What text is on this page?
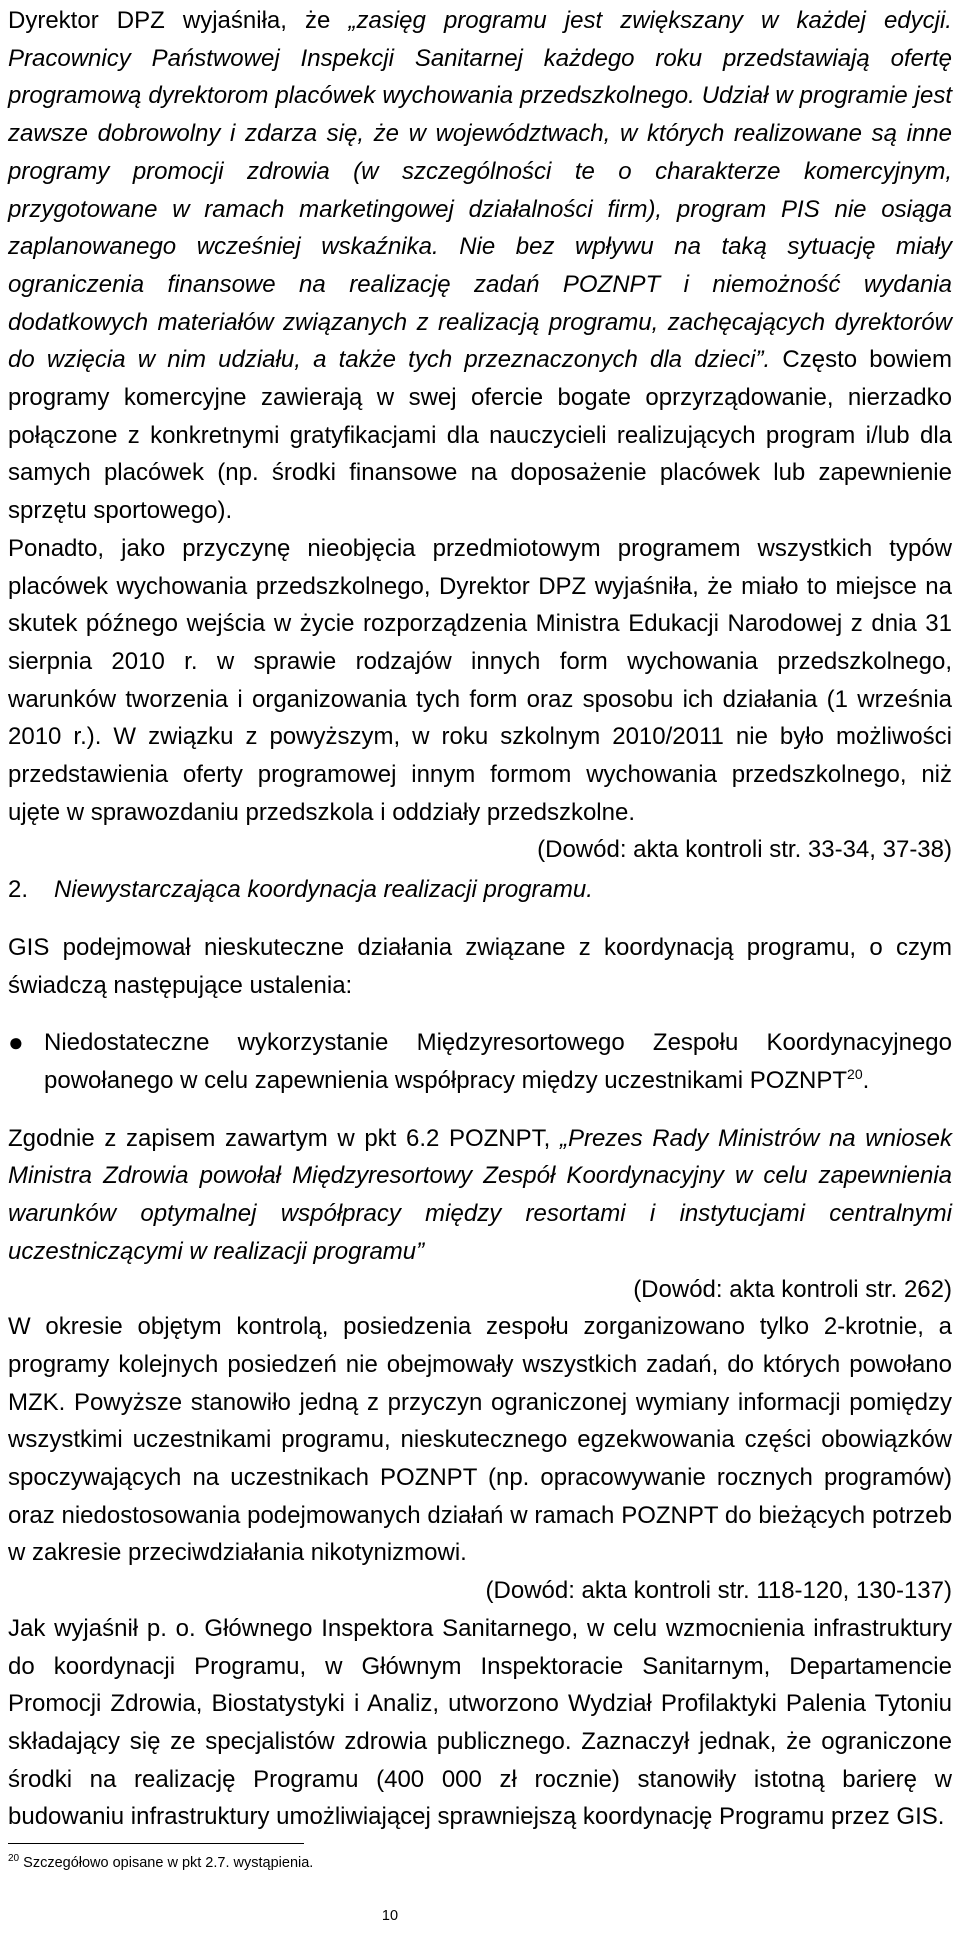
Dyrektor DPZ wyjaśniła, że „zasięg programu jest zwiększany w każdej edycji. Pracownicy Państwowej Inspekcji Sanitarnej każdego roku przedstawiają ofertę programową dyrektorom placówek wychowania przedszkolnego. Udział w programie jest zawsze dobrowolny i zdarza się, że w województwach, w których realizowane są inne programy promocji zdrowia (w szczególności te o charakterze komercyjnym, przygotowane w ramach marketingowej działalności firm), program PIS nie osiąga zaplanowanego wcześniej wskaźnika. Nie bez wpływu na taką sytuację miały ograniczenia finansowe na realizację zadań POZNPT i niemożność wydania dodatkowych materiałów związanych z realizacją programu, zachęcających dyrektorów do wzięcia w nim udziału, a także tych przeznaczonych dla dzieci”. Często bowiem programy komercyjne zawierają w swej ofercie bogate oprzyrządowanie, nierzadko połączone z konkretnymi gratyfikacjami dla nauczycieli realizujących program i/lub dla samych placówek (np. środki finansowe na doposażenie placówek lub zapewnienie sprzętu sportowego).

Ponadto, jako przyczynę nieobjęcia przedmiotowym programem wszystkich typów placówek wychowania przedszkolnego, Dyrektor DPZ wyjaśniła, że miało to miejsce na skutek późnego wejścia w życie rozporządzenia Ministra Edukacji Narodowej z dnia 31 sierpnia 2010 r. w sprawie rodzajów innych form wychowania przedszkolnego, warunków tworzenia i organizowania tych form oraz sposobu ich działania (1 września 2010 r.). W związku z powyższym, w roku szkolnym 2010/2011 nie było możliwości przedstawienia oferty programowej innym formom wychowania przedszkolnego, niż ujęte w sprawozdaniu przedszkola i oddziały przedszkolne.

(Dowód: akta kontroli str. 33-34, 37-38)

2. Niewystarczająca koordynacja realizacji programu.

GIS podejmował nieskuteczne działania związane z koordynacją programu, o czym świadczą następujące ustalenia:

● Niedostateczne wykorzystanie Międzyresortowego Zespołu Koordynacyjnego powołanego w celu zapewnienia współpracy między uczestnikami POZNPT$^{20}$.

Zgodnie z zapisem zawartym w pkt 6.2 POZNPT, „Prezes Rady Ministrów na wniosek Ministra Zdrowia powołał Międzyresortowy Zespół Koordynacyjny w celu zapewnienia warunków optymalnej współpracy między resortami i instytucjami centralnymi uczestniczącymi w realizacji programu”

(Dowód: akta kontroli str. 262)

W okresie objętym kontrolą, posiedzenia zespołu zorganizowano tylko 2-krotnie, a programy kolejnych posiedzeń nie obejmowały wszystkich zadań, do których powołano MZK. Powyższe stanowiło jedną z przyczyn ograniczonej wymiany informacji pomiędzy wszystkimi uczestnikami programu, nieskutecznego egzekwowania części obowiązków spoczywających na uczestnikach POZNPT (np. opracowywanie rocznych programów) oraz niedostosowania podejmowanych działań w ramach POZNPT do bieżących potrzeb w zakresie przeciwdziałania nikotynizmowi.

(Dowód: akta kontroli str. 118-120, 130-137)

Jak wyjaśnił p. o. Głównego Inspektora Sanitarnego, w celu wzmocnienia infrastruktury do koordynacji Programu, w Głównym Inspektoracie Sanitarnym, Departamencie Promocji Zdrowia, Biostatystyki i Analiz, utworzono Wydział Profilaktyki Palenia Tytoniu składający się ze specjalistów zdrowia publicznego. Zaznaczył jednak, że ograniczone środki na realizację Programu (400 000 zł rocznie) stanowiły istotną barierę w budowaniu infrastruktury umożliwiającej sprawniejszą koordynację Programu przez GIS.

$^{20}$ Szczegółowo opisane w pkt 2.7. wystąpienia.
10
